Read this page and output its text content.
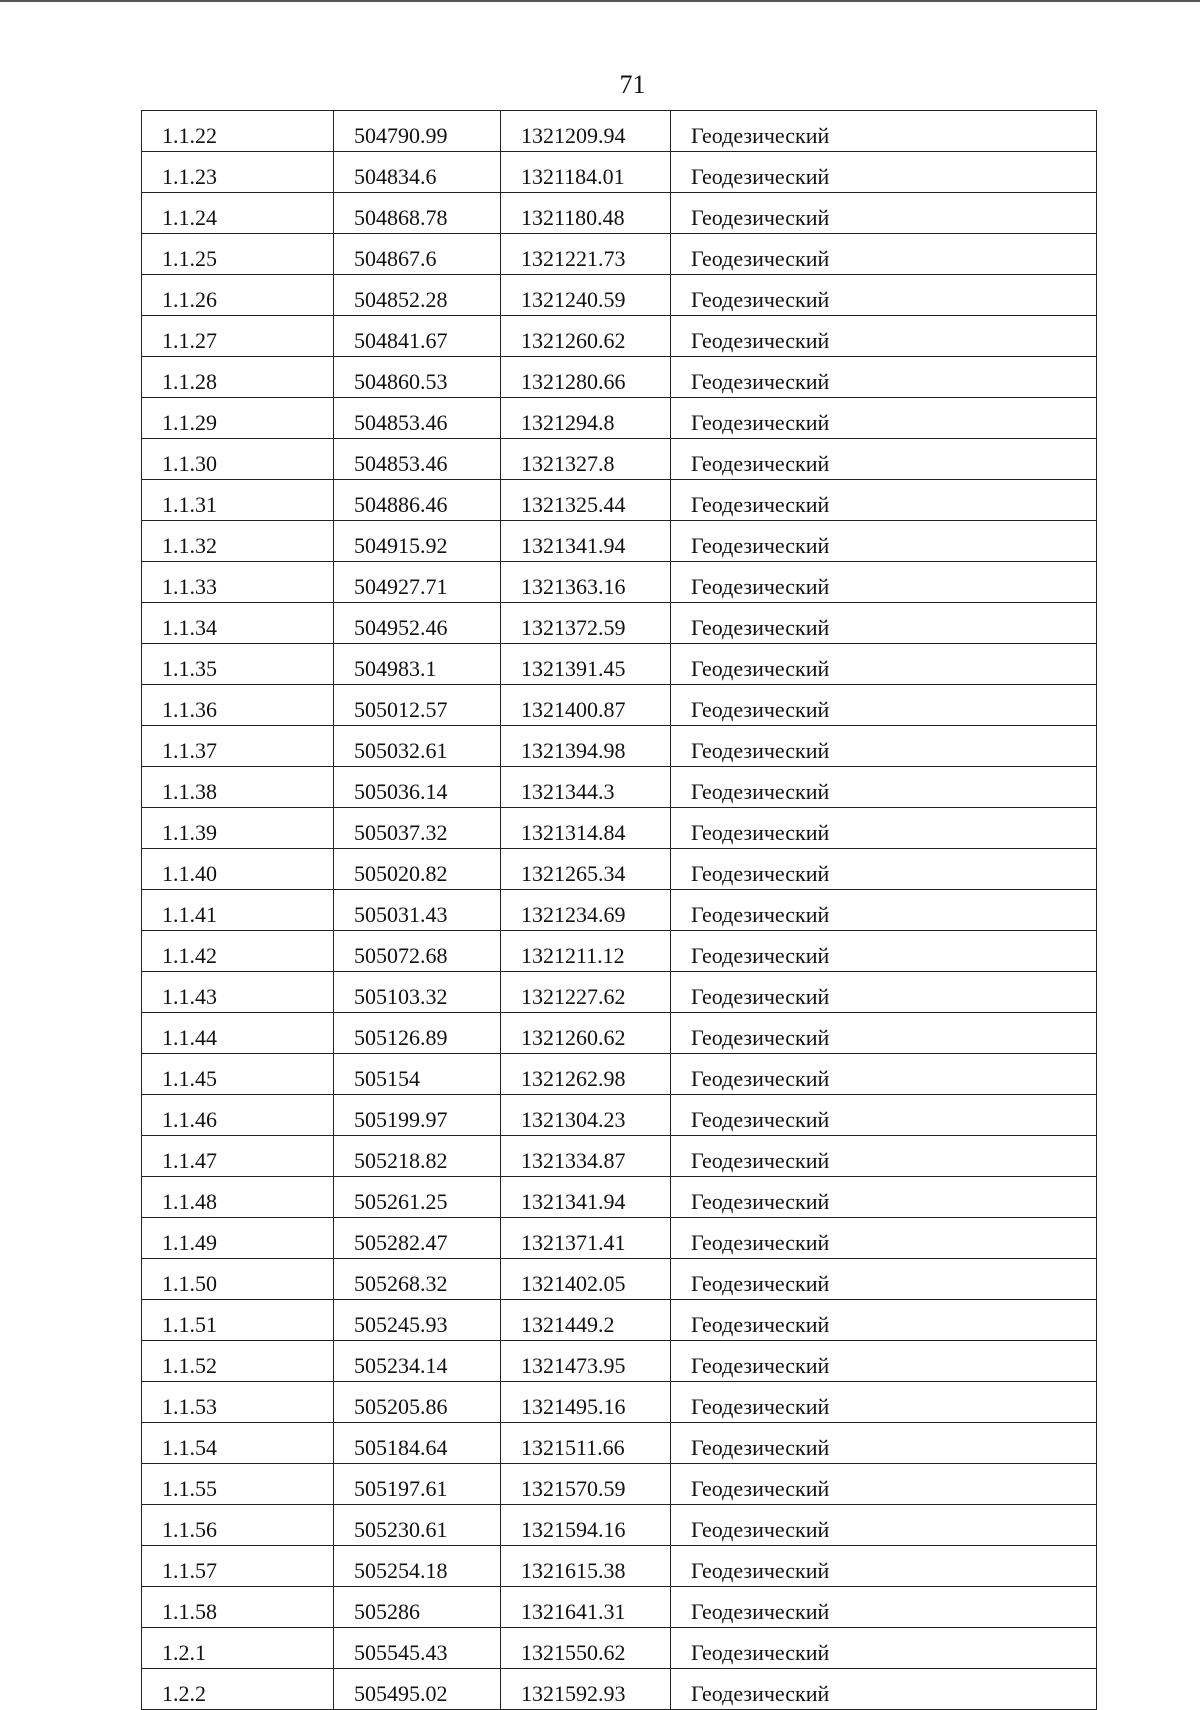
71
1.1.22	504790.99	1321209.94	Геодезический
1.1.23	504834.6	1321184.01	Геодезический
1.1.24	504868.78	1321180.48	Геодезический
1.1.25	504867.6	1321221.73	Геодезический
1.1.26	504852.28	1321240.59	Геодезический
1.1.27	504841.67	1321260.62	Геодезический
1.1.28	504860.53	1321280.66	Геодезический
1.1.29	504853.46	1321294.8	Геодезический
1.1.30	504853.46	1321327.8	Геодезический
1.1.31	504886.46	1321325.44	Геодезический
1.1.32	504915.92	1321341.94	Геодезический
1.1.33	504927.71	1321363.16	Геодезический
1.1.34	504952.46	1321372.59	Геодезический
1.1.35	504983.1	1321391.45	Геодезический
1.1.36	505012.57	1321400.87	Геодезический
1.1.37	505032.61	1321394.98	Геодезический
1.1.38	505036.14	1321344.3	Геодезический
1.1.39	505037.32	1321314.84	Геодезический
1.1.40	505020.82	1321265.34	Геодезический
1.1.41	505031.43	1321234.69	Геодезический
1.1.42	505072.68	1321211.12	Геодезический
1.1.43	505103.32	1321227.62	Геодезический
1.1.44	505126.89	1321260.62	Геодезический
1.1.45	505154	1321262.98	Геодезический
1.1.46	505199.97	1321304.23	Геодезический
1.1.47	505218.82	1321334.87	Геодезический
1.1.48	505261.25	1321341.94	Геодезический
1.1.49	505282.47	1321371.41	Геодезический
1.1.50	505268.32	1321402.05	Геодезический
1.1.51	505245.93	1321449.2	Геодезический
1.1.52	505234.14	1321473.95	Геодезический
1.1.53	505205.86	1321495.16	Геодезический
1.1.54	505184.64	1321511.66	Геодезический
1.1.55	505197.61	1321570.59	Геодезический
1.1.56	505230.61	1321594.16	Геодезический
1.1.57	505254.18	1321615.38	Геодезический
1.1.58	505286	1321641.31	Геодезический
1.2.1	505545.43	1321550.62	Геодезический
1.2.2	505495.02	1321592.93	Геодезический
